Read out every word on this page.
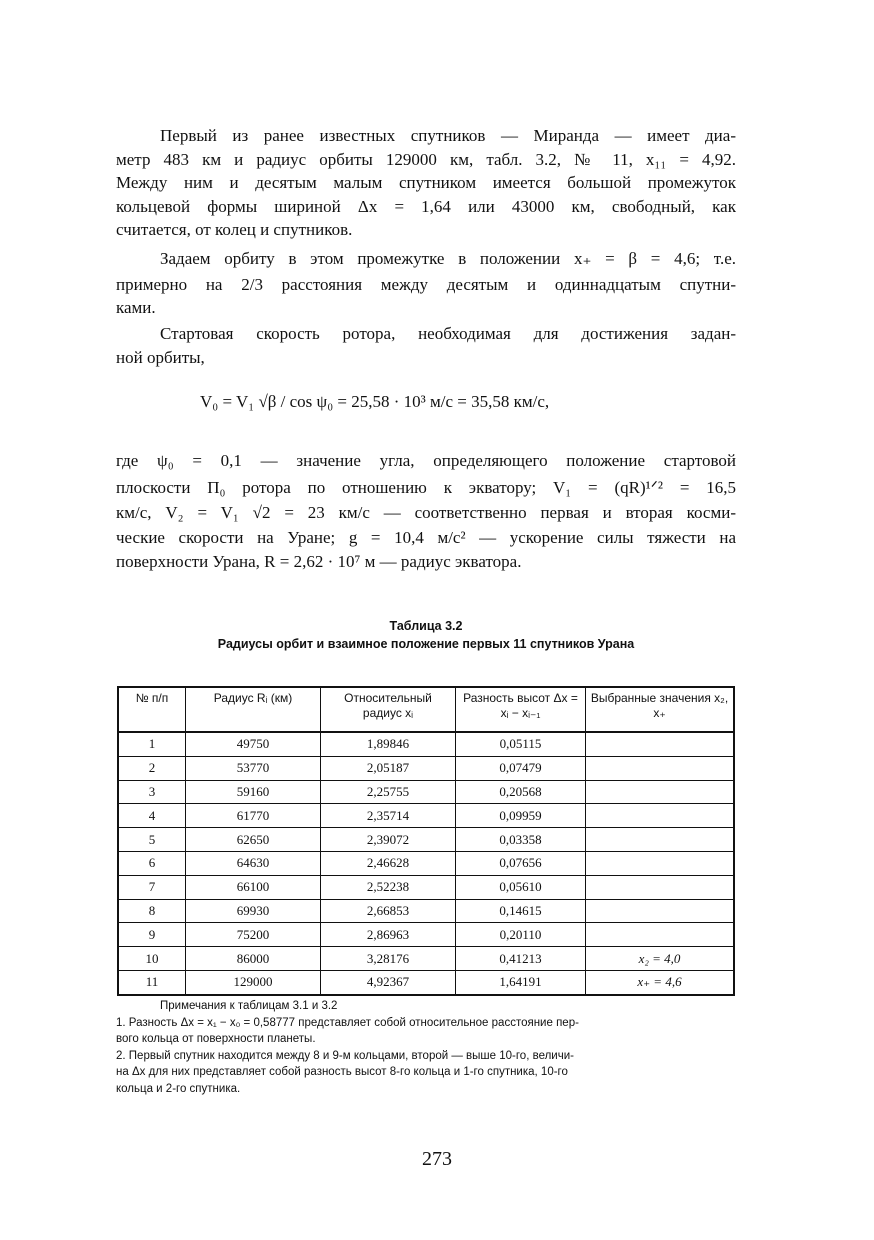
Первый из ранее известных спутников — Миранда — имеет диа-
метр 483 км и радиус орбиты 129000 км, табл. 3.2, № 11, x₁₁ = 4,92.
Между ним и десятым малым спутником имеется большой промежуток
кольцевой формы шириной Δx = 1,64 или 43000 км, свободный, как
считается, от колец и спутников.
Задаем орбиту в этом промежутке в положении x₊ = β = 4,6; т.е.
примерно на 2/3 расстояния между десятым и одиннадцатым спутни-
ками.
Стартовая скорость ротора, необходимая для достижения задан-
ной орбиты,
V₀ = V₁ √β / cos ψ₀ = 25,58 · 10³ м/с = 35,58 км/с,
где ψ₀ = 0,1 — значение угла, определяющего положение стартовой
плоскости П₀ ротора по отношению к экватору; V₁ = (qR)¹ᐟ² = 16,5
км/с, V₂ = V₁ √2 = 23 км/с — соответственно первая и вторая косми-
ческие скорости на Уране; g = 10,4 м/с² — ускорение силы тяжести на
поверхности Урана, R = 2,62 · 10⁷ м — радиус экватора.
Таблица 3.2
Радиусы орбит и взаимное положение первых 11 спутников Урана
№ п/п	Радиус Rᵢ (км)	Относительный радиус xᵢ	Разность высот Δx = xᵢ − xᵢ₋₁	Выбранные значения x₂, x₊
1	49750	1,89846	0,05115	
2	53770	2,05187	0,07479	
3	59160	2,25755	0,20568	
4	61770	2,35714	0,09959	
5	62650	2,39072	0,03358	
6	64630	2,46628	0,07656	
7	66100	2,52238	0,05610	
8	69930	2,66853	0,14615	
9	75200	2,86963	0,20110	
10	86000	3,28176	0,41213	x₂ = 4,0
11	129000	4,92367	1,64191	x₊ = 4,6
Примечания к таблицам 3.1 и 3.2
1. Разность Δx = x₁ − x₀ = 0,58777 представляет собой относительное расстояние пер-
вого кольца от поверхности планеты.
2. Первый спутник находится между 8 и 9-м кольцами, второй — выше 10-го, величи-
на Δx для них представляет собой разность высот 8-го кольца и 1-го спутника, 10-го
кольца и 2-го спутника.
273
